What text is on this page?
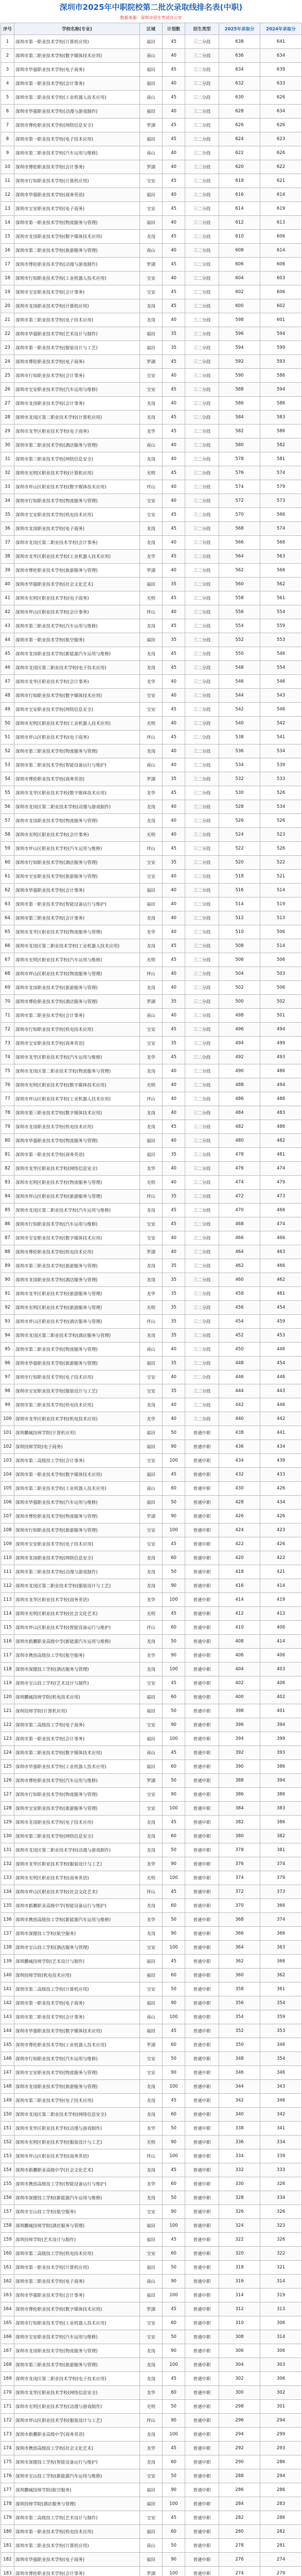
深圳市2025年中职院校第二批次录取线排名表(中职)
数据来源：深圳市招生考试办公室
序号	学校名称(专业)	区域	计划数	招生类型	2025年录取分	2024年录取分
1	深圳市第一职业技术学校(计算机应用)	福田	45	三二分段	638	641
2	深圳市第二职业技术学校(数字媒体技术应用)	南山	40	三二分段	636	634
3	深圳市华强职业技术学校(电子商务)	福田	45	三二分段	634	639
4	深圳市第一职业技术学校(会计事务)	福田	40	三二分段	632	633
5	深圳市第二职业技术学校(工业机器人技术应用)	南山	45	三二分段	630	626
6	深圳市华强职业技术学校(动漫与游戏制作)	福田	40	三二分段	628	634
7	深圳市博伦职业技术学校(网络信息安全)	罗湖	45	三二分段	626	626
8	深圳市第一职业技术学校(电子技术应用)	福田	45	三二分段	624	623
9	深圳市第二职业技术学校(汽车运用与维修)	南山	40	三二分段	622	626
10	深圳市博伦职业技术学校(会计事务)	罗湖	40	三二分段	620	622
11	深圳市行知职业技术学校(计算机应用)	宝安	45	三二分段	618	621
12	深圳市华强职业技术学校(商务英语)	福田	40	三二分段	616	614
13	深圳市宝安职业技术学校(电子商务)	宝安	45	三二分段	614	619
14	深圳市第一职业技术学校(物流服务与管理)	福田	40	三二分段	612	613
15	深圳市龙岗职业技术学校(数字媒体技术应用)	龙岗	45	三二分段	610	606
16	深圳市第二职业技术学校(旅游服务与管理)	南山	40	三二分段	608	614
17	深圳市博伦职业技术学校(动漫与游戏制作)	罗湖	45	三二分段	606	606
18	深圳市行知职业技术学校(工业机器人技术应用)	宝安	40	三二分段	604	603
19	深圳市宝安职业技术学校(会计事务)	宝安	45	三二分段	602	606
20	深圳市龙岗职业技术学校(计算机应用)	龙岗	45	三二分段	600	602
21	深圳市第三职业技术学校(电子技术应用)	龙岗	40	三二分段	598	601
22	深圳市华强职业技术学校(艺术设计与制作)	福田	35	三二分段	596	594
23	深圳市第一职业技术学校(服装设计与工艺)	福田	35	三二分段	594	599
24	深圳市博伦职业技术学校(电子商务)	罗湖	45	三二分段	592	593
25	深圳市行知职业技术学校(会计事务)	宝安	40	三二分段	590	586
26	深圳市宝安职业技术学校(汽车运用与维修)	宝安	45	三二分段	588	594
27	深圳市龙岗职业技术学校(会计事务)	龙岗	40	三二分段	586	586
28	深圳市龙岗区第二职业技术学校(计算机应用)	龙岗	45	三二分段	584	583
29	深圳市龙华区职业技术学校(电子商务)	龙华	45	三二分段	582	586
30	深圳市第二职业技术学校(酒店服务与管理)	南山	40	三二分段	580	582
31	深圳市第三职业技术学校(网络信息安全)	龙岗	40	三二分段	578	581
32	深圳市光明区职业技术学校(计算机应用)	光明	45	三二分段	576	574
33	深圳市坪山区职业技术学校(数字媒体技术应用)	坪山	40	三二分段	574	579
34	深圳市行知职业技术学校(物流服务与管理)	宝安	40	三二分段	572	573
35	深圳市宝安职业技术学校(机电技术应用)	宝安	45	三二分段	570	566
36	深圳市龙岗职业技术学校(电子商务)	龙岗	45	三二分段	568	574
37	深圳市龙岗区第二职业技术学校(会计事务)	龙岗	40	三二分段	566	566
38	深圳市龙华区职业技术学校(工业机器人技术应用)	龙华	45	三二分段	564	563
39	深圳市博伦职业技术学校(旅游服务与管理)	罗湖	40	三二分段	562	566
40	深圳市华强职业技术学校(社会文化艺术)	福田	35	三二分段	560	562
41	深圳市光明区职业技术学校(电子商务)	光明	45	三二分段	558	561
42	深圳市坪山区职业技术学校(会计事务)	坪山	40	三二分段	556	554
43	深圳市第三职业技术学校(汽车运用与维修)	龙岗	45	三二分段	554	559
44	深圳市第一职业技术学校(航空服务)	福田	35	三二分段	552	553
45	深圳市龙岗职业技术学校(新能源汽车运用与维修)	龙岗	45	三二分段	550	546
46	深圳市龙岗区第二职业技术学校(电子技术应用)	龙岗	45	三二分段	548	554
47	深圳市龙华区职业技术学校(会计事务)	龙华	40	三二分段	546	546
48	深圳市行知职业技术学校(数字媒体技术应用)	宝安	40	三二分段	544	543
49	深圳市宝安职业技术学校(网络信息安全)	宝安	45	三二分段	542	546
50	深圳市光明区职业技术学校(工业机器人技术应用)	光明	40	三二分段	540	542
51	深圳市坪山区职业技术学校(电子商务)	坪山	45	三二分段	538	541
52	深圳市第三职业技术学校(物流服务与管理)	龙岗	40	三二分段	536	534
53	深圳市第二职业技术学校(智能设备运行与维护)	南山	40	三二分段	534	539
54	深圳市博伦职业技术学校(商务英语)	罗湖	35	三二分段	532	533
55	深圳市龙华区职业技术学校(数字媒体技术应用)	龙华	45	三二分段	530	526
56	深圳市龙岗区第二职业技术学校(动漫与游戏制作)	龙岗	40	三二分段	528	534
57	深圳市龙岗职业技术学校(物流服务与管理)	龙岗	40	三二分段	526	526
58	深圳市光明区职业技术学校(会计事务)	光明	40	三二分段	524	523
59	深圳市坪山区职业技术学校(汽车运用与维修)	坪山	45	三二分段	522	526
60	深圳市行知职业技术学校(酒店服务与管理)	宝安	35	三二分段	520	522
61	深圳市宝安职业技术学校(旅游服务与管理)	宝安	40	三二分段	518	521
62	深圳市华强职业技术学校(会计事务)	福田	40	三二分段	516	514
63	深圳市第一职业技术学校(智能设备运行与维护)	福田	40	三二分段	514	519
64	深圳市第三职业技术学校(会计事务)	龙岗	40	三二分段	512	513
65	深圳市龙华区职业技术学校(物流服务与管理)	龙华	40	三二分段	510	506
66	深圳市龙岗区第二职业技术学校(工业机器人技术应用)	龙岗	45	三二分段	508	514
67	深圳市光明区职业技术学校(汽车运用与维修)	光明	45	三二分段	506	506
68	深圳市坪山区职业技术学校(物流服务与管理)	坪山	40	三二分段	504	503
69	深圳市龙岗职业技术学校(旅游服务与管理)	龙岗	40	三二分段	502	506
70	深圳市博伦职业技术学校(酒店服务与管理)	罗湖	35	三二分段	500	502
71	深圳市第二职业技术学校(会计事务)	南山	40	三二分段	498	501
72	深圳市行知职业技术学校(机电技术应用)	宝安	45	三二分段	496	494
73	深圳市宝安职业技术学校(商务英语)	宝安	35	三二分段	494	499
74	深圳市龙华区职业技术学校(汽车运用与维修)	龙华	45	三二分段	492	493
75	深圳市龙岗区第二职业技术学校(物流服务与管理)	龙岗	40	三二分段	490	486
76	深圳市光明区职业技术学校(数字媒体技术应用)	光明	40	三二分段	488	494
77	深圳市坪山区职业技术学校(工业机器人技术应用)	坪山	40	三二分段	486	486
78	深圳市第三职业技术学校(数字媒体技术应用)	龙岗	40	三二分段	484	483
79	深圳市龙岗职业技术学校(机电技术应用)	龙岗	45	三二分段	482	486
80	深圳市华强职业技术学校(物流服务与管理)	福田	40	三二分段	480	482
81	深圳市第一职业技术学校(商务英语)	福田	35	三二分段	478	481
82	深圳市龙华区职业技术学校(网络信息安全)	龙华	40	三二分段	476	474
83	深圳市光明区职业技术学校(物流服务与管理)	光明	40	三二分段	474	479
84	深圳市坪山区职业技术学校(旅游服务与管理)	坪山	35	三二分段	472	473
85	深圳市龙岗区第二职业技术学校(汽车运用与维修)	龙岗	45	三二分段	470	466
86	深圳市行知职业技术学校(汽车运用与维修)	宝安	45	三二分段	468	474
87	深圳市宝安职业技术学校(数字媒体技术应用)	宝安	40	三二分段	466	466
88	深圳市博伦职业技术学校(机电技术应用)	罗湖	40	三二分段	464	463
89	深圳市第三职业技术学校(旅游服务与管理)	龙岗	35	三二分段	462	466
90	深圳市龙岗职业技术学校(酒店服务与管理)	龙岗	35	三二分段	460	462
91	深圳市龙华区职业技术学校(旅游服务与管理)	龙华	35	三二分段	458	461
92	深圳市光明区职业技术学校(旅游服务与管理)	光明	35	三二分段	456	454
93	深圳市坪山区职业技术学校(酒店服务与管理)	坪山	35	三二分段	454	459
94	深圳市龙岗区第二职业技术学校(酒店服务与管理)	龙岗	35	三二分段	452	453
95	深圳市第二职业技术学校(物流服务与管理)	南山	40	三二分段	450	446
96	深圳市华强职业技术学校(旅游服务与管理)	福田	35	三二分段	448	454
97	深圳市行知职业技术学校(电子技术应用)	宝安	40	三二分段	446	446
98	深圳市宝安职业技术学校(服装设计与工艺)	宝安	35	三二分段	444	443
99	深圳市第三职业技术学校(机电技术应用)	龙岗	40	三二分段	442	446
100	深圳市龙华区职业技术学校(机电技术应用)	龙华	40	三二分段	440	442
101	深圳鹏城技师学院(计算机应用)	福田	50	普通中职	438	441
102	深圳技师学院(电子商务)	福田	90	普通中职	436	434
103	深圳市第二高级技工学校(会计事务)	宝安	100	普通中职	434	439
104	深圳市第一职业技术学校(数字媒体技术应用)	福田	45	普通中职	432	433
105	深圳市第二职业技术学校(工业机器人技术应用)	南山	60	普通中职	430	426
106	深圳市华强职业技术学校(汽车运用与维修)	福田	50	普通中职	428	434
107	深圳市博伦职业技术学校(物流服务与管理)	罗湖	90	普通中职	426	426
108	深圳市行知职业技术学校(旅游服务与管理)	宝安	100	普通中职	424	423
109	深圳市宝安职业技术学校(电子技术应用)	宝安	45	普通中职	422	426
110	深圳市龙岗职业技术学校(网络信息安全)	龙岗	60	普通中职	420	422
111	深圳市第三职业技术学校(动漫与游戏制作)	龙岗	50	普通中职	418	421
112	深圳市龙岗区第二职业技术学校(服装设计与工艺)	龙岗	90	普通中职	416	414
113	深圳市龙华区职业技术学校(商务英语)	龙华	100	普通中职	414	419
114	深圳市光明区职业技术学校(社会文化艺术)	光明	45	普通中职	412	413
115	深圳市坪山区职业技术学校(智能设备运行与维护)	坪山	60	普通中职	410	406
116	深圳市新鹏职业高级中学(新能源汽车运用与维修)	龙岗	50	普通中职	408	414
117	深圳市携创高级技工学校(航空服务)	龙华	90	普通中职	406	406
118	深圳市深德技工学校(酒店服务与管理)	龙岗	100	普通中职	404	403
119	深圳市宝山技工学校(艺术设计与制作)	宝安	45	普通中职	402	406
120	深圳鹏城技师学院(机电技术应用)	福田	60	普通中职	400	402
121	深圳技师学院(计算机应用)	福田	50	普通中职	398	401
122	深圳市第二高级技工学校(电子商务)	宝安	90	普通中职	396	394
123	深圳市第一职业技术学校(会计事务)	福田	100	普通中职	394	399
124	深圳市第二职业技术学校(数字媒体技术应用)	南山	45	普通中职	392	393
125	深圳市华强职业技术学校(工业机器人技术应用)	福田	60	普通中职	390	386
126	深圳市博伦职业技术学校(汽车运用与维修)	罗湖	50	普通中职	388	394
127	深圳市行知职业技术学校(物流服务与管理)	宝安	90	普通中职	386	386
128	深圳市宝安职业技术学校(旅游服务与管理)	宝安	100	普通中职	384	383
129	深圳市龙岗职业技术学校(电子技术应用)	龙岗	45	普通中职	382	386
130	深圳市第三职业技术学校(网络信息安全)	龙岗	60	普通中职	380	382
131	深圳市龙岗区第二职业技术学校(动漫与游戏制作)	龙岗	50	普通中职	378	381
132	深圳市龙华区职业技术学校(服装设计与工艺)	龙华	90	普通中职	376	374
133	深圳市光明区职业技术学校(商务英语)	光明	100	普通中职	374	379
134	深圳市坪山区职业技术学校(社会文化艺术)	坪山	45	普通中职	372	373
135	深圳市新鹏职业高级中学(智能设备运行与维护)	龙岗	60	普通中职	370	366
136	深圳市携创高级技工学校(新能源汽车运用与维修)	龙华	50	普通中职	368	374
137	深圳市深德技工学校(航空服务)	龙岗	90	普通中职	366	366
138	深圳市宝山技工学校(酒店服务与管理)	宝安	100	普通中职	364	363
139	深圳鹏城技师学院(艺术设计与制作)	福田	45	普通中职	362	366
140	深圳技师学院(机电技术应用)	福田	60	普通中职	360	362
141	深圳市第二高级技工学校(计算机应用)	宝安	50	普通中职	358	361
142	深圳市第一职业技术学校(电子商务)	福田	90	普通中职	356	354
143	深圳市第二职业技术学校(会计事务)	南山	100	普通中职	354	359
144	深圳市华强职业技术学校(数字媒体技术应用)	福田	45	普通中职	352	353
145	深圳市博伦职业技术学校(工业机器人技术应用)	罗湖	60	普通中职	350	346
146	深圳市行知职业技术学校(汽车运用与维修)	宝安	50	普通中职	348	354
147	深圳市宝安职业技术学校(物流服务与管理)	宝安	90	普通中职	346	346
148	深圳市龙岗职业技术学校(旅游服务与管理)	龙岗	100	普通中职	344	343
149	深圳市第三职业技术学校(电子技术应用)	龙岗	45	普通中职	342	346
150	深圳市龙岗区第二职业技术学校(网络信息安全)	龙岗	60	普通中职	340	342
151	深圳市龙华区职业技术学校(动漫与游戏制作)	龙华	50	普通中职	338	341
152	深圳市光明区职业技术学校(服装设计与工艺)	光明	90	普通中职	336	334
153	深圳市坪山区职业技术学校(商务英语)	坪山	100	普通中职	334	339
154	深圳市新鹏职业高级中学(社会文化艺术)	龙岗	45	普通中职	332	333
155	深圳市携创高级技工学校(智能设备运行与维护)	龙华	60	普通中职	330	326
156	深圳市深德技工学校(新能源汽车运用与维修)	龙岗	50	普通中职	328	334
157	深圳市宝山技工学校(航空服务)	宝安	90	普通中职	326	326
158	深圳鹏城技师学院(酒店服务与管理)	福田	100	普通中职	324	323
159	深圳技师学院(艺术设计与制作)	福田	45	普通中职	322	326
160	深圳市第二高级技工学校(机电技术应用)	宝安	60	普通中职	320	322
161	深圳市第一职业技术学校(计算机应用)	福田	50	普通中职	318	321
162	深圳市第二职业技术学校(电子商务)	南山	90	普通中职	316	314
163	深圳市华强职业技术学校(会计事务)	福田	100	普通中职	314	319
164	深圳市博伦职业技术学校(数字媒体技术应用)	罗湖	45	普通中职	312	313
165	深圳市行知职业技术学校(工业机器人技术应用)	宝安	60	普通中职	310	306
166	深圳市宝安职业技术学校(汽车运用与维修)	宝安	50	普通中职	308	314
167	深圳市龙岗职业技术学校(物流服务与管理)	龙岗	90	普通中职	306	306
168	深圳市第三职业技术学校(旅游服务与管理)	龙岗	100	普通中职	304	303
169	深圳市龙岗区第二职业技术学校(电子技术应用)	龙岗	45	普通中职	302	306
170	深圳市龙华区职业技术学校(网络信息安全)	龙华	60	普通中职	300	302
171	深圳市光明区职业技术学校(动漫与游戏制作)	光明	50	普通中职	298	301
172	深圳市坪山区职业技术学校(服装设计与工艺)	坪山	90	普通中职	296	294
173	深圳市新鹏职业高级中学(商务英语)	龙岗	100	普通中职	294	299
174	深圳市携创高级技工学校(社会文化艺术)	龙华	45	普通中职	292	293
175	深圳市深德技工学校(智能设备运行与维护)	龙岗	60	普通中职	290	286
176	深圳市宝山技工学校(新能源汽车运用与维修)	宝安	50	普通中职	288	294
177	深圳鹏城技师学院(航空服务)	福田	90	普通中职	286	286
178	深圳技师学院(酒店服务与管理)	福田	100	普通中职	284	283
179	深圳市第二高级技工学校(艺术设计与制作)	宝安	45	普通中职	282	286
180	深圳市第一职业技术学校(机电技术应用)	福田	60	普通中职	280	282
181	深圳市第二职业技术学校(计算机应用)	南山	50	普通中职	278	281
182	深圳市华强职业技术学校(电子商务)	福田	90	普通中职	276	274
183	深圳市博伦职业技术学校(会计事务)	罗湖	100	普通中职	274	279
